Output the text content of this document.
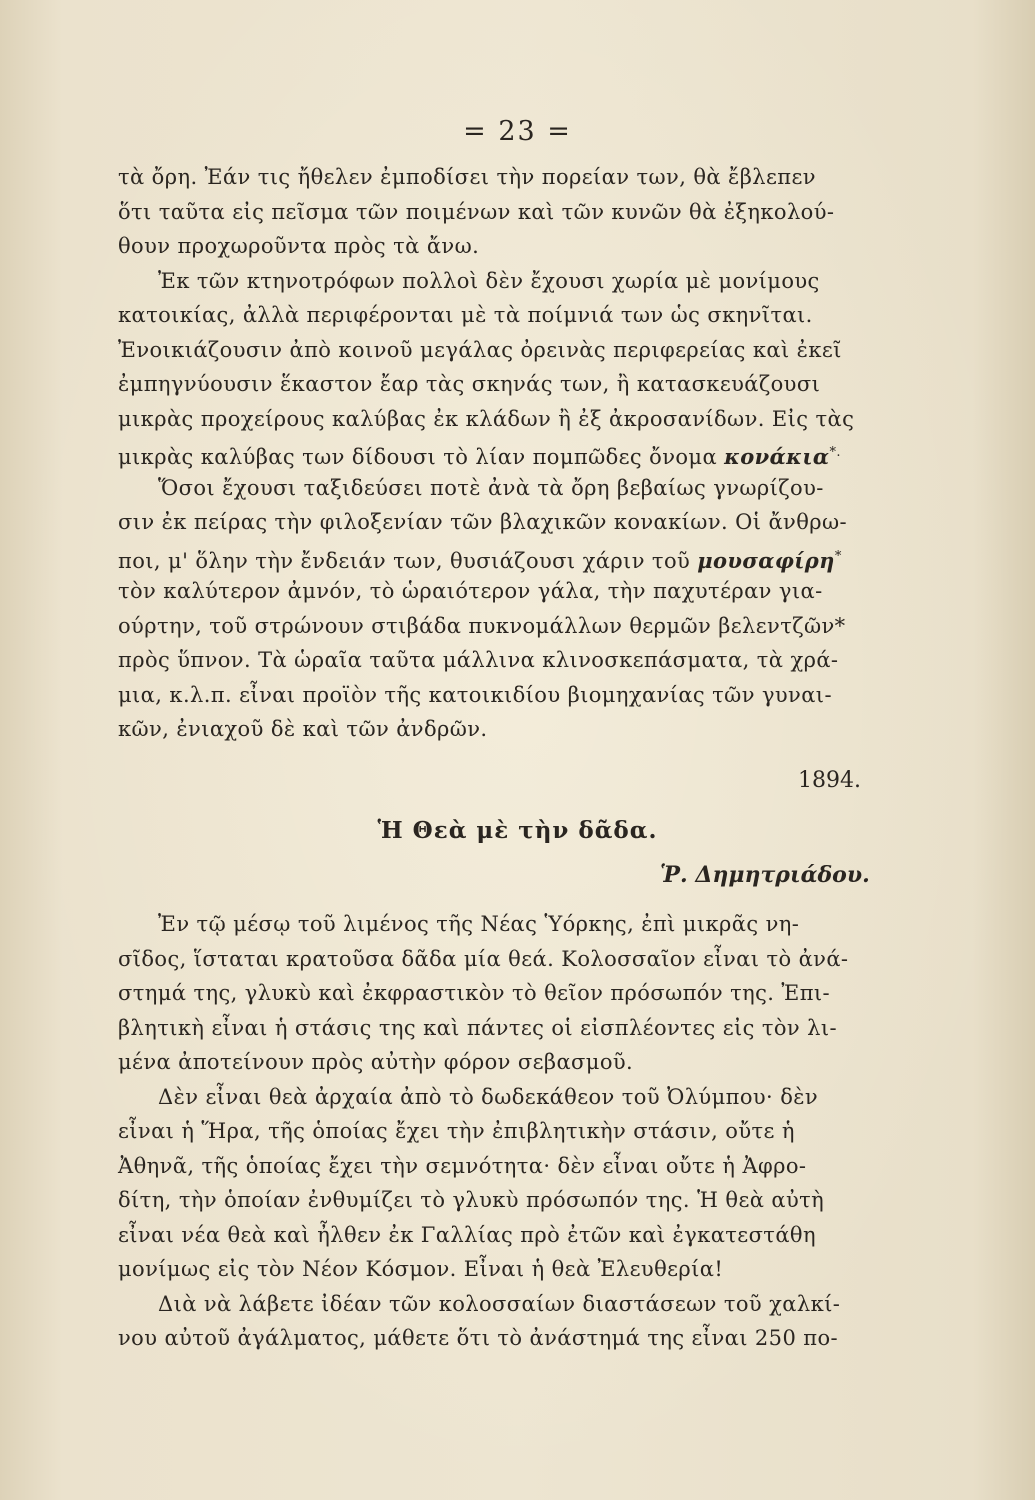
= 23 =
τὰ ὄρη. Ἐάν τις ἤθελεν ἐμποδίσει τὴν πορείαν των, θὰ ἔβλεπεν
ὅτι ταῦτα εἰς πεῖσμα τῶν ποιμένων καὶ τῶν κυνῶν θὰ ἐξηκολού-
θουν προχωροῦντα πρὸς τὰ ἄνω.
Ἐκ τῶν κτηνοτρόφων πολλοὶ δὲν ἔχουσι χωρία μὲ μονίμους
κατοικίας, ἀλλὰ περιφέρονται μὲ τὰ ποίμνιά των ὡς σκηνῖται.
Ἐνοικιάζουσιν ἀπὸ κοινοῦ μεγάλας ὀρεινὰς περιφερείας καὶ ἐκεῖ
ἐμπηγνύουσιν ἕκαστον ἔαρ τὰς σκηνάς των, ἢ κατασκευάζουσι
μικρὰς προχείρους καλύβας ἐκ κλάδων ἢ ἐξ ἀκροσανίδων. Εἰς τὰς
μικρὰς καλύβας των δίδουσι τὸ λίαν πομπῶδες ὄνομα κονάκια*.
Ὅσοι ἔχουσι ταξιδεύσει ποτὲ ἀνὰ τὰ ὄρη βεβαίως γνωρίζου-
σιν ἐκ πείρας τὴν φιλοξενίαν τῶν βλαχικῶν κονακίων. Οἱ ἄνθρω-
ποι, μ' ὅλην τὴν ἔνδειάν των, θυσιάζουσι χάριν τοῦ μουσαφίρη*
τὸν καλύτερον ἀμνόν, τὸ ὡραιότερον γάλα, τὴν παχυτέραν για-
ούρτην, τοῦ στρώνουν στιβάδα πυκνομάλλων θερμῶν βελεντζῶν*
πρὸς ὕπνον. Τὰ ὡραῖα ταῦτα μάλλινα κλινοσκεπάσματα, τὰ χρά-
μια, κ.λ.π. εἶναι προϊὸν τῆς κατοικιδίου βιομηχανίας τῶν γυναι-
κῶν, ἐνιαχοῦ δὲ καὶ τῶν ἀνδρῶν.
1894.
Ἡ Θεὰ μὲ τὴν δᾶδα.
Ῥ. Δημητριάδου.
Ἐν τῷ μέσῳ τοῦ λιμένος τῆς Νέας Ὑόρκης, ἐπὶ μικρᾶς νη-
σῖδος, ἵσταται κρατοῦσα δᾶδα μία θεά. Κολοσσαῖον εἶναι τὸ ἀνά-
στημά της, γλυκὺ καὶ ἐκφραστικὸν τὸ θεῖον πρόσωπόν της. Ἐπι-
βλητικὴ εἶναι ἡ στάσις της καὶ πάντες οἱ εἰσπλέοντες εἰς τὸν λι-
μένα ἀποτείνουν πρὸς αὐτὴν φόρον σεβασμοῦ.
Δὲν εἶναι θεὰ ἀρχαία ἀπὸ τὸ δωδεκάθεον τοῦ Ὀλύμπου· δὲν
εἶναι ἡ Ἥρα, τῆς ὁποίας ἔχει τὴν ἐπιβλητικὴν στάσιν, οὔτε ἡ
Ἀθηνᾶ, τῆς ὁποίας ἔχει τὴν σεμνότητα· δὲν εἶναι οὔτε ἡ Ἀφρο-
δίτη, τὴν ὁποίαν ἐνθυμίζει τὸ γλυκὺ πρόσωπόν της. Ἡ θεὰ αὐτὴ
εἶναι νέα θεὰ καὶ ἦλθεν ἐκ Γαλλίας πρὸ ἐτῶν καὶ ἐγκατεστάθη
μονίμως εἰς τὸν Νέον Κόσμον. Εἶναι ἡ θεὰ Ἐλευθερία!
Διὰ νὰ λάβετε ἰδέαν τῶν κολοσσαίων διαστάσεων τοῦ χαλκί-
νου αὐτοῦ ἀγάλματος, μάθετε ὅτι τὸ ἀνάστημά της εἶναι 250 πο-
